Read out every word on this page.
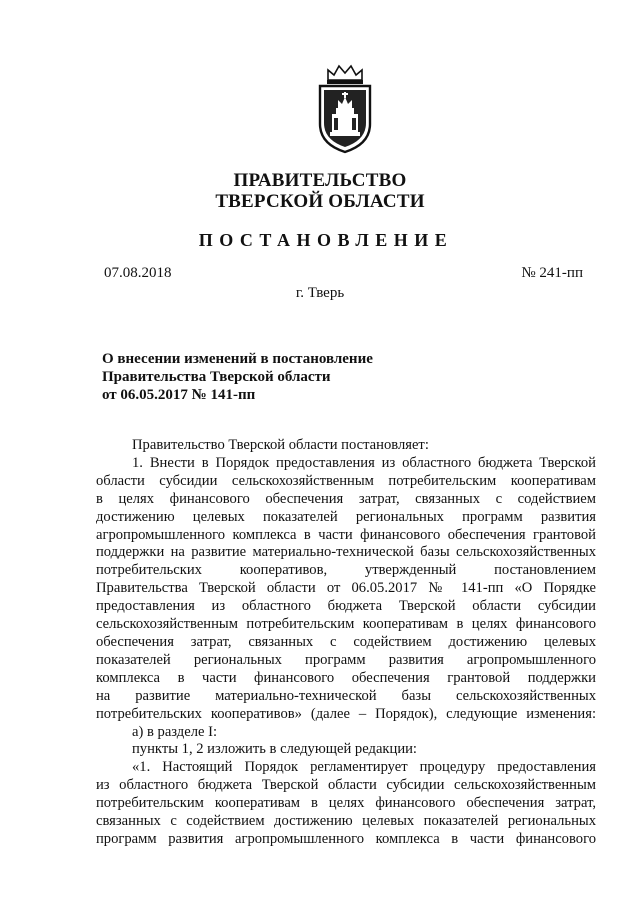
ПРАВИТЕЛЬСТВО
ТВЕРСКОЙ ОБЛАСТИ
ПОСТАНОВЛЕНИЕ
07.08.2018	№ 241-пп
г. Тверь
О внесении изменений в постановление
Правительства Тверской области
от 06.05.2017 № 141-пп
Правительство Тверской области постановляет:
1. Внести в Порядок предоставления из областного бюджета Тверской
области субсидии сельскохозяйственным потребительским кооперативам
в целях финансового обеспечения затрат, связанных с содействием
достижению целевых показателей региональных программ развития
агропромышленного комплекса в части финансового обеспечения грантовой
поддержки на развитие материально-технической базы сельскохозяйственных
потребительских кооперативов, утвержденный постановлением
Правительства Тверской области от 06.05.2017 № 141-пп «О Порядке
предоставления из областного бюджета Тверской области субсидии
сельскохозяйственным потребительским кооперативам в целях финансового
обеспечения затрат, связанных с содействием достижению целевых
показателей региональных программ развития агропромышленного
комплекса в части финансового обеспечения грантовой поддержки
на развитие материально-технической базы сельскохозяйственных
потребительских кооперативов» (далее – Порядок), следующие изменения:
а) в разделе I:
пункты 1, 2 изложить в следующей редакции:
«1. Настоящий Порядок регламентирует процедуру предоставления
из областного бюджета Тверской области субсидии сельскохозяйственным
потребительским кооперативам в целях финансового обеспечения затрат,
связанных с содействием достижению целевых показателей региональных
программ развития агропромышленного комплекса в части финансового
